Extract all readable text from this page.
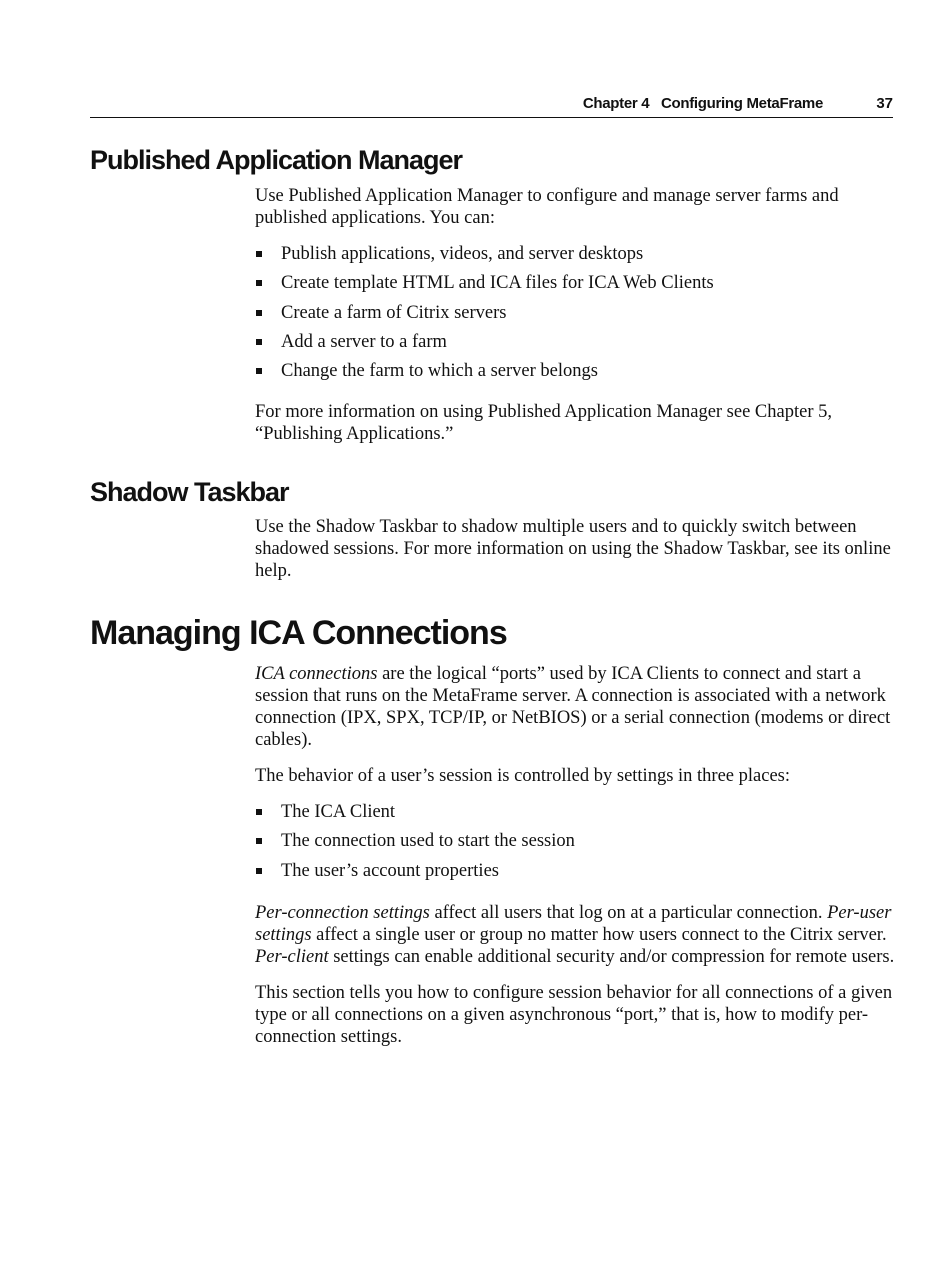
Chapter 4   Configuring MetaFrame	37
Published Application Manager

Use Published Application Manager to configure and manage server farms and published applications. You can:

Publish applications, videos, and server desktops
Create template HTML and ICA files for ICA Web Clients
Create a farm of Citrix servers
Add a server to a farm
Change the farm to which a server belongs

For more information on using Published Application Manager see Chapter 5, “Publishing Applications.”

Shadow Taskbar

Use the Shadow Taskbar to shadow multiple users and to quickly switch between shadowed sessions. For more information on using the Shadow Taskbar, see its online help.

Managing ICA Connections

ICA connections are the logical “ports” used by ICA Clients to connect and start a session that runs on the MetaFrame server. A connection is associated with a network connection (IPX, SPX, TCP/IP, or NetBIOS) or a serial connection (modems or direct cables).

The behavior of a user’s session is controlled by settings in three places:

The ICA Client
The connection used to start the session
The user’s account properties

Per-connection settings affect all users that log on at a particular connection. Per-user settings affect a single user or group no matter how users connect to the Citrix server. Per-client settings can enable additional security and/or compression for remote users.

This section tells you how to configure session behavior for all connections of a given type or all connections on a given asynchronous “port,” that is, how to modify per-connection settings.
